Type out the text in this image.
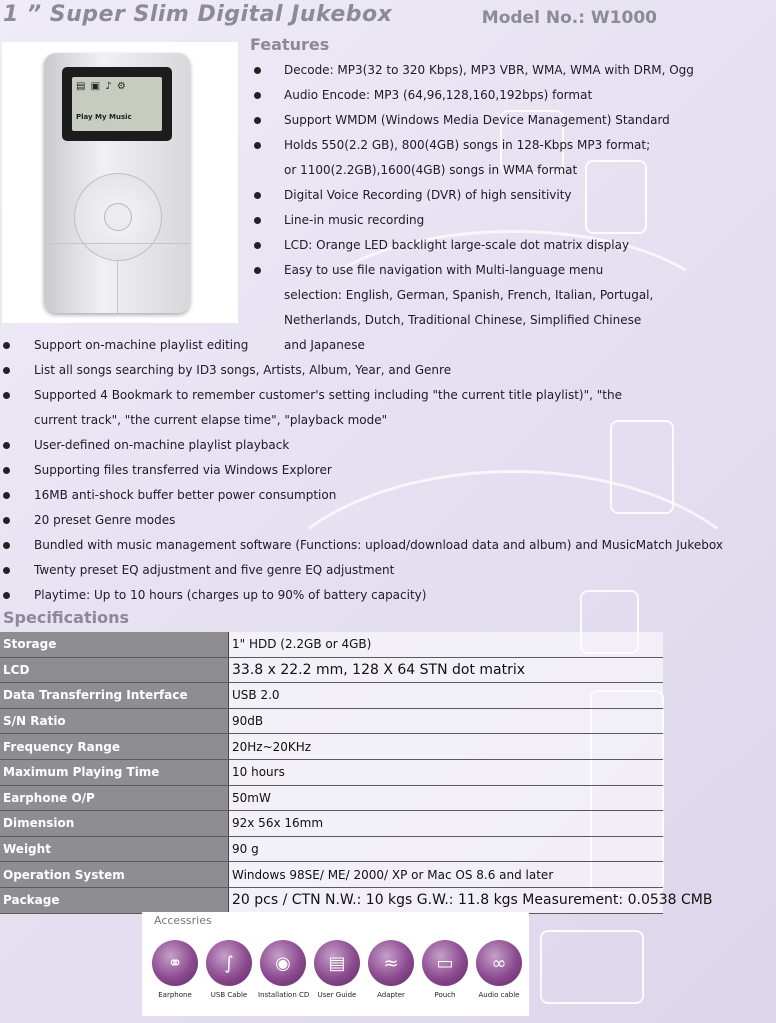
1 ” Super Slim Digital Jukebox	Model No.: W1000
▤ ▣ ♪ ⚙
Play My Music
Features
Decode: MP3(32 to 320 Kbps), MP3 VBR, WMA, WMA with DRM, Ogg
Audio Encode: MP3 (64,96,128,160,192bps) format
Support WMDM (Windows Media Device Management) Standard
Holds 550(2.2 GB), 800(4GB) songs in 128-Kbps MP3 format; or 1100(2.2GB),1600(4GB) songs in WMA format
Digital Voice Recording (DVR) of high sensitivity
Line-in music recording
LCD: Orange LED backlight large-scale dot matrix display
Easy to use file navigation with Multi-language menu selection: English, German, Spanish, French, Italian, Portugal, Netherlands, Dutch, Traditional Chinese, Simplified Chinese and Japanese
Support on-machine playlist editing
List all songs searching by ID3 songs, Artists, Album, Year, and Genre
Supported 4 Bookmark to remember customer's setting including "the current title playlist)", "the current track", "the current elapse time", "playback mode"
User-defined on-machine playlist playback
Supporting files transferred via Windows Explorer
16MB anti-shock buffer better power consumption
20 preset Genre modes
Bundled with music management software (Functions: upload/download data and album) and MusicMatch Jukebox
Twenty preset EQ adjustment and five genre EQ adjustment
Playtime: Up to 10 hours (charges up to 90% of battery capacity)
Specifications
Storage	1" HDD (2.2GB or 4GB)
LCD	33.8 x 22.2 mm, 128 X 64 STN dot matrix
Data Transferring Interface	USB 2.0
S/N Ratio	90dB
Frequency Range	20Hz~20KHz
Maximum Playing Time	10 hours
Earphone O/P	50mW
Dimension	92x 56x 16mm
Weight	90 g
Operation System	Windows 98SE/ ME/ 2000/ XP or Mac OS 8.6 and later
Package	20 pcs / CTN N.W.: 10 kgs G.W.: 11.8 kgs Measurement: 0.0538 CMB
Accessries
⚭
Earphone
∫
USB Cable
◉
Installation CD
▤
User Guide
≈
Adapter
▭
Pouch
∞
Audio cable
